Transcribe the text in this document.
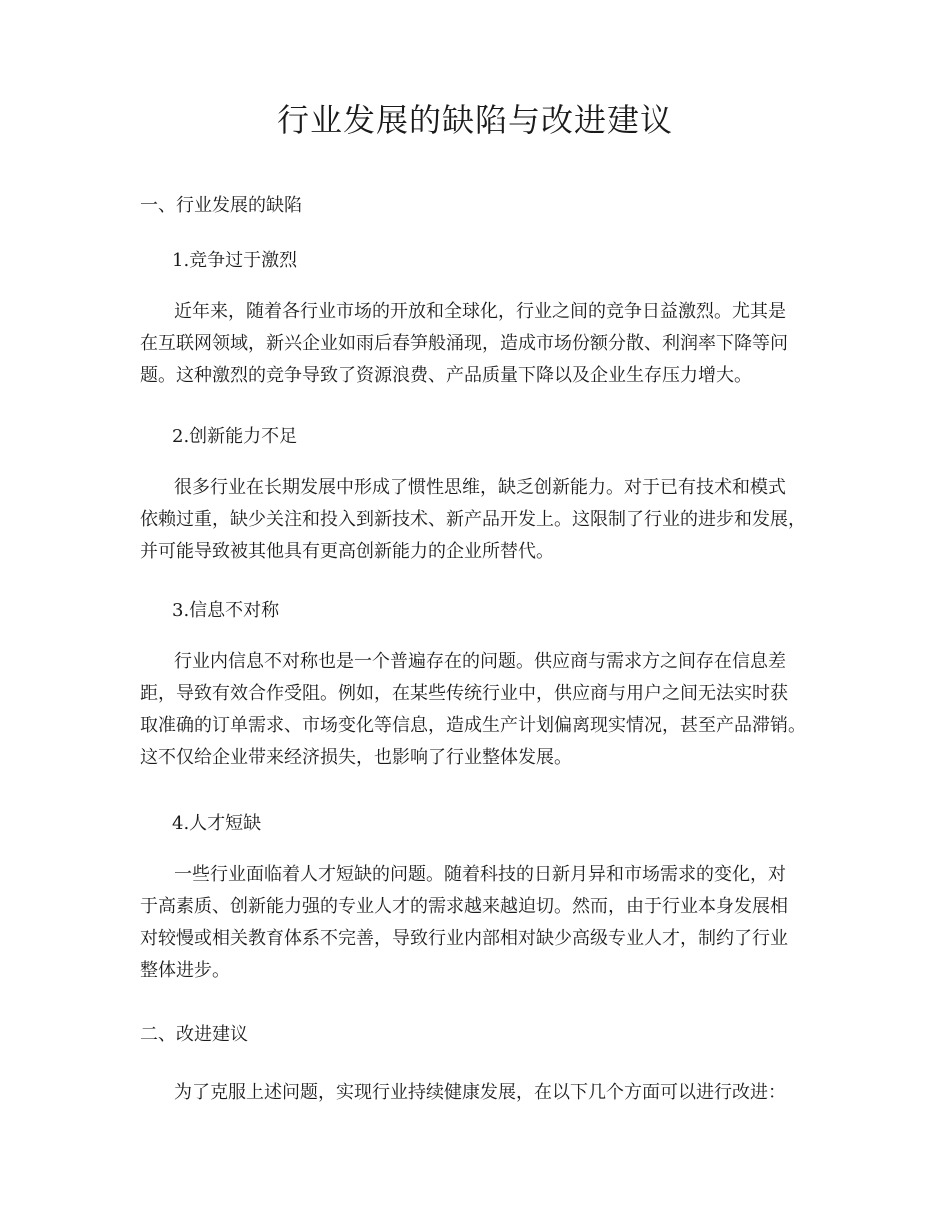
行业发展的缺陷与改进建议
一、行业发展的缺陷
1.竞争过于激烈
近年来，随着各行业市场的开放和全球化，行业之间的竞争日益激烈。尤其是
在互联网领域，新兴企业如雨后春笋般涌现，造成市场份额分散、利润率下降等问
题。这种激烈的竞争导致了资源浪费、产品质量下降以及企业生存压力增大。
2.创新能力不足
很多行业在长期发展中形成了惯性思维，缺乏创新能力。对于已有技术和模式
依赖过重，缺少关注和投入到新技术、新产品开发上。这限制了行业的进步和发展，
并可能导致被其他具有更高创新能力的企业所替代。
3.信息不对称
行业内信息不对称也是一个普遍存在的问题。供应商与需求方之间存在信息差
距，导致有效合作受阻。例如，在某些传统行业中，供应商与用户之间无法实时获
取准确的订单需求、市场变化等信息，造成生产计划偏离现实情况，甚至产品滞销。
这不仅给企业带来经济损失，也影响了行业整体发展。
4.人才短缺
一些行业面临着人才短缺的问题。随着科技的日新月异和市场需求的变化，对
于高素质、创新能力强的专业人才的需求越来越迫切。然而，由于行业本身发展相
对较慢或相关教育体系不完善，导致行业内部相对缺少高级专业人才，制约了行业
整体进步。
二、改进建议
为了克服上述问题，实现行业持续健康发展，在以下几个方面可以进行改进：
